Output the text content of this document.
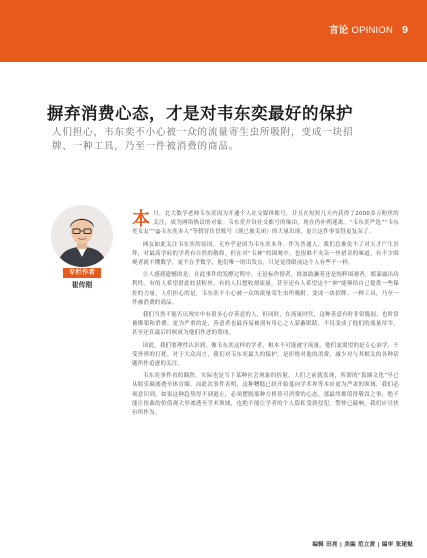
言论 OPINION 9
摒弃消费心态，才是对韦东奕最好的保护
人们担心，韦东奕不小心被一众的流量寄生虫所吸附，变成一块招牌、一种工具，乃至一件被消费的商品。
专栏作者
崔传刚

本月，北大数学老师韦东奕因为开通个人社交媒体账号，并且在短短几天内获得了2000多万粉丝的关注，成为网络热议的对象。韦东奕开设社交账号的缘由，现在仍扑朔迷离。“韦东奕严选”“韦东奕女友”“@韦东奕本人”等假冒仿冒账号（现已被关闭）的大量出现，更让这件事变得更复杂了。

网友如此关注韦东奕的原因，无外乎是因为韦东奕本身。作为普通人，我们总难免不了对天才产生崇拜，对最高学府的学者有自然的敬仰。但在对“韦神”的围观中，也很难不夹杂一丝猎奇的味道，有不少围观者就不懂数学，更不在乎数学，他们唯一的出发点，只是觉得眼前这个人有些不一样。

让人感到遗憾的是，在此事件的发酵过程中，无论标作情者，推波助澜者还是纯粹围观者，都暴露出功利性。有的人希望借此收获粉丝，有的人打想收割流量，甚至还有人希望这个“神”能够给自己提供一些保佐的力量。人们担心的是，韦东奕不小心被一众的流量寄生虫所吸附，变成一块招牌、一种工具，乃至一件被消费的商品。

我们当然不能否认现实中有很多心存善意的人，但同时，在流量时代，这种善意有时非常脆弱，也时常被绑架和消费。更为严重的是，善意者也最容易被别有用心之人蒙蔽眼睛，不仅变成了他们的流量待宰，甚至还在最后时候成为他们作恶的帮凶。

因此，我们要理性认识到，像韦东奕这样的学者，根本不可能被守流量。他们更渴望的是专心治学，不受外界的打扰。对于大众而言，我们对韦东奕最大的保护，是拒绝对他的消费，减少对与其相关的各种话题所作追逐的关注。

韦东奕事件看似偶然，实际也是当下某种社会现象的折射。人们之前就发现，所谓的“饭圈文化”早已从娱乐圈渗透至体育圈，而此次事件表明，这种糟糕已经开始蔓向学术界等本应更为严肃的领域，我们必须意识到，如果这种趋势得不到遏止，必须摆脱那种方格皆可消费的心态，那最终都值得敬畏之事，绝不能让扭曲的价值观大举渗透至学术领域，也绝不能让学者的个人隐私受到侵犯。警钟已敲响，我们应尽快有所作为。

编辑 田亮 | 美编 范立黄 | 编审 张建魁
